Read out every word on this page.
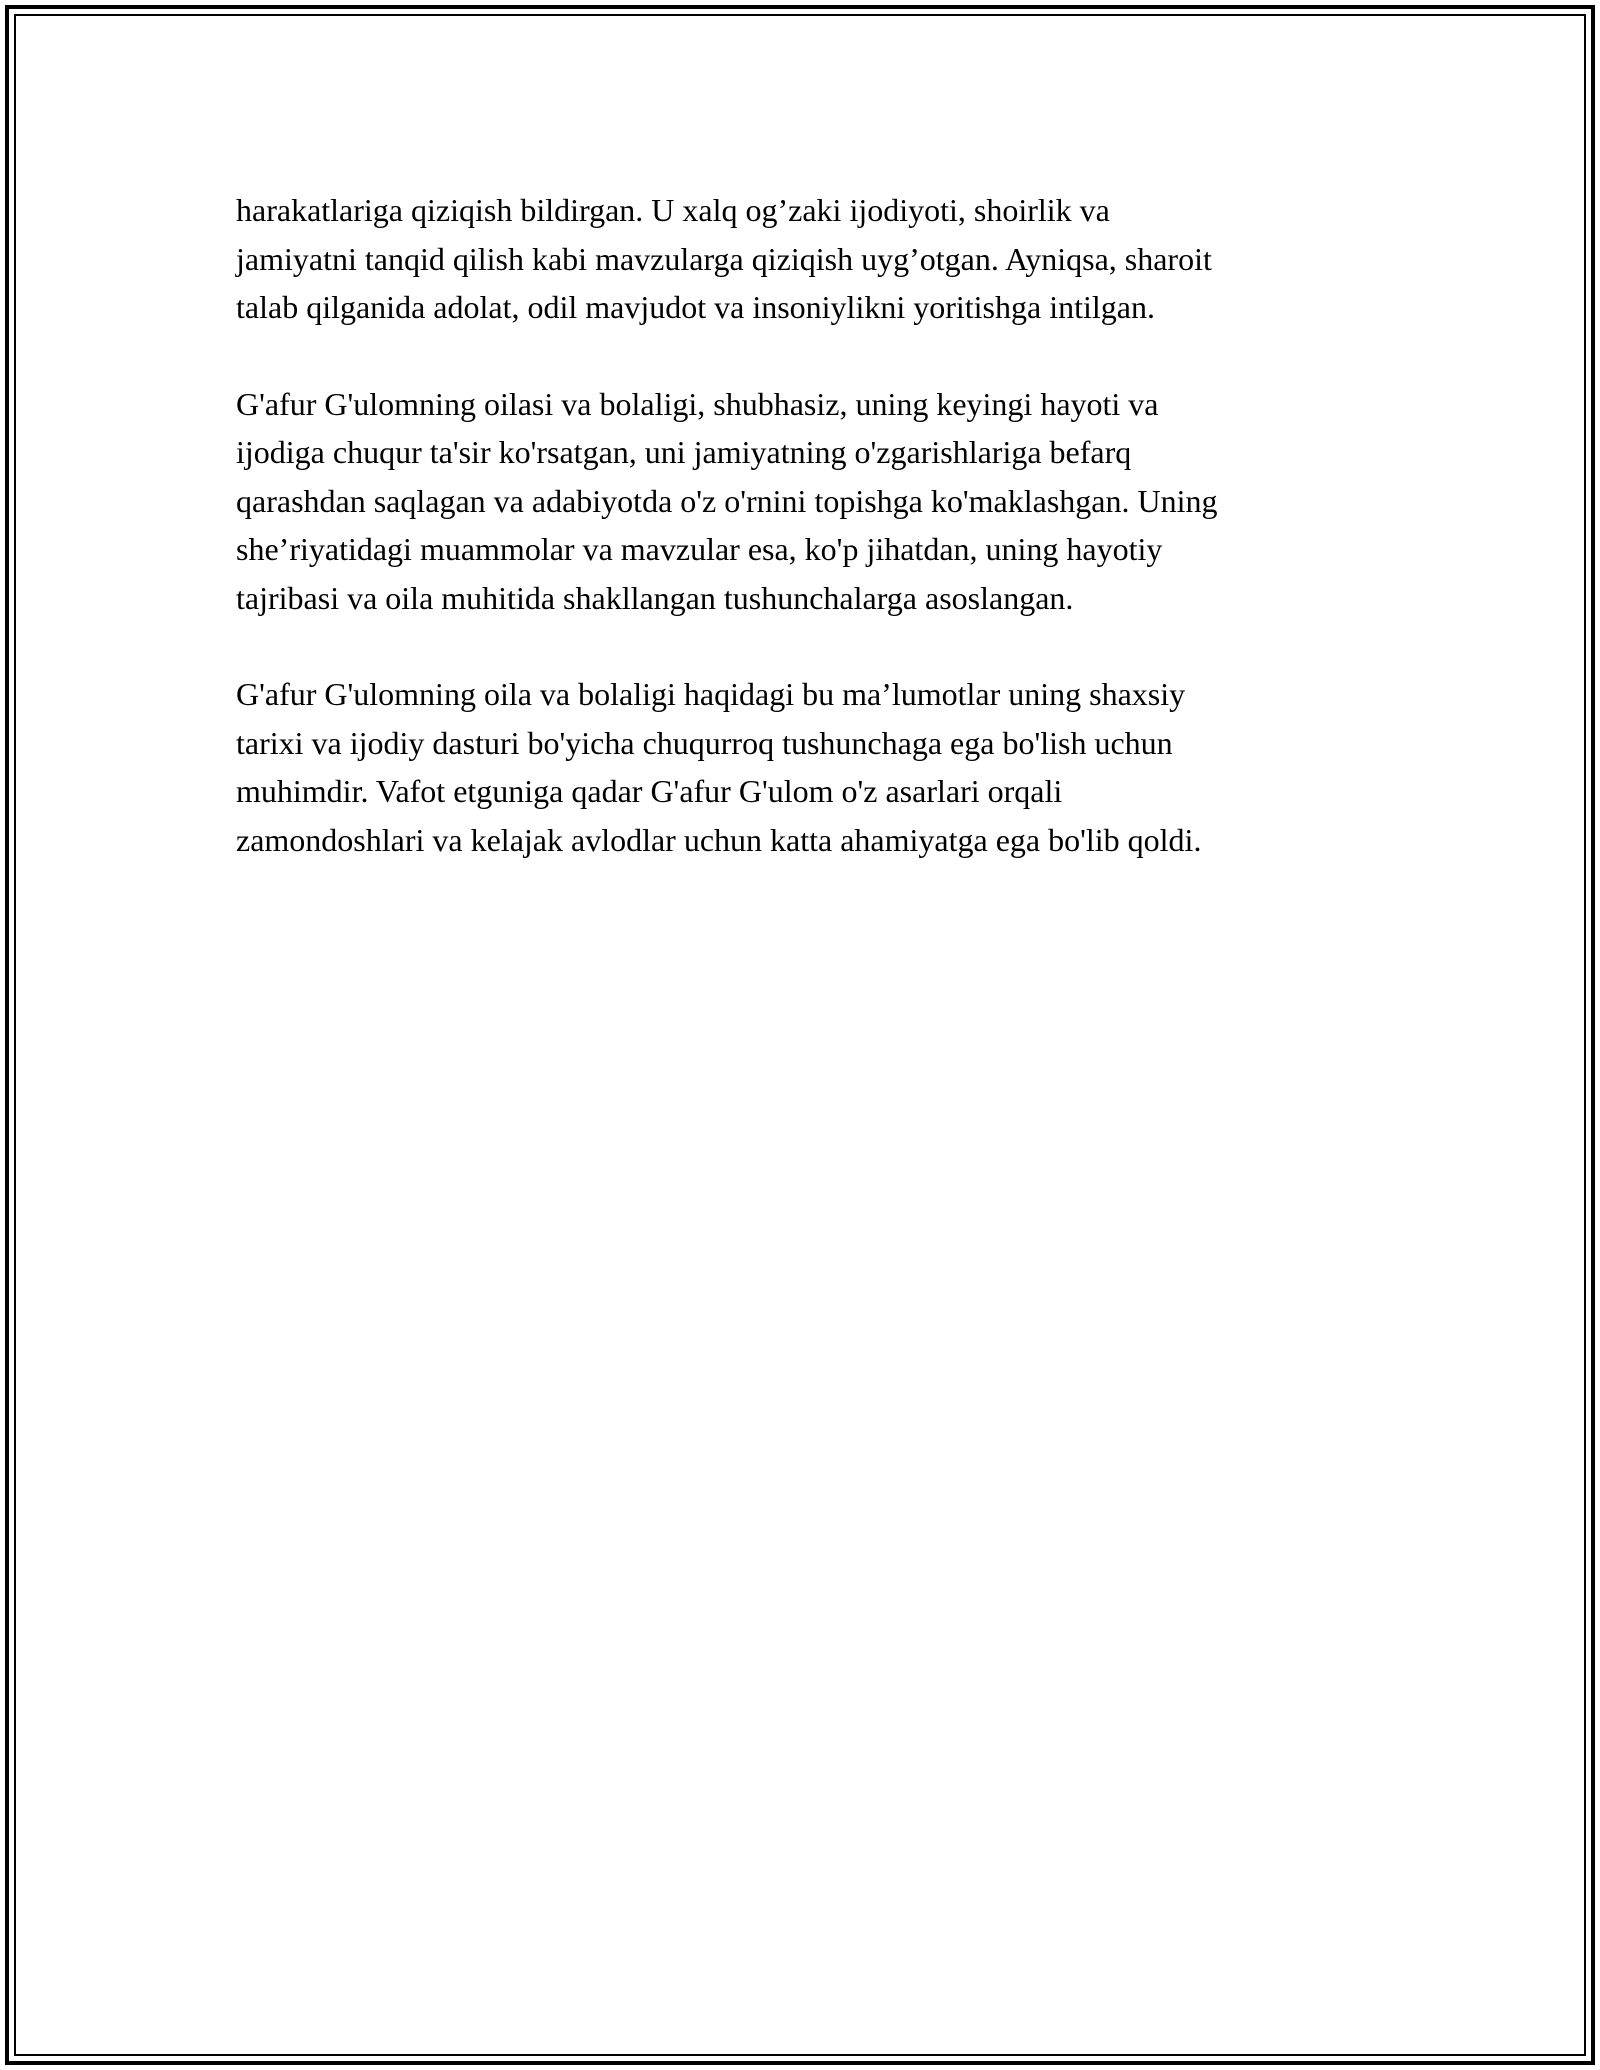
harakatlariga qiziqish bildirgan. U xalq og’zaki ijodiyoti, shoirlik va
jamiyatni tanqid qilish kabi mavzularga qiziqish uyg’otgan. Ayniqsa, sharoit
talab qilganida adolat, odil mavjudot va insoniylikni yoritishga intilgan.

G'afur G'ulomning oilasi va bolaligi, shubhasiz, uning keyingi hayoti va
ijodiga chuqur ta'sir ko'rsatgan, uni jamiyatning o'zgarishlariga befarq
qarashdan saqlagan va adabiyotda o'z o'rnini topishga ko'maklashgan. Uning
she’riyatidagi muammolar va mavzular esa, ko'p jihatdan, uning hayotiy
tajribasi va oila muhitida shakllangan tushunchalarga asoslangan.

G'afur G'ulomning oila va bolaligi haqidagi bu ma’lumotlar uning shaxsiy
tarixi va ijodiy dasturi bo'yicha chuqurroq tushunchaga ega bo'lish uchun
muhimdir. Vafot etguniga qadar G'afur G'ulom o'z asarlari orqali
zamondoshlari va kelajak avlodlar uchun katta ahamiyatga ega bo'lib qoldi.
